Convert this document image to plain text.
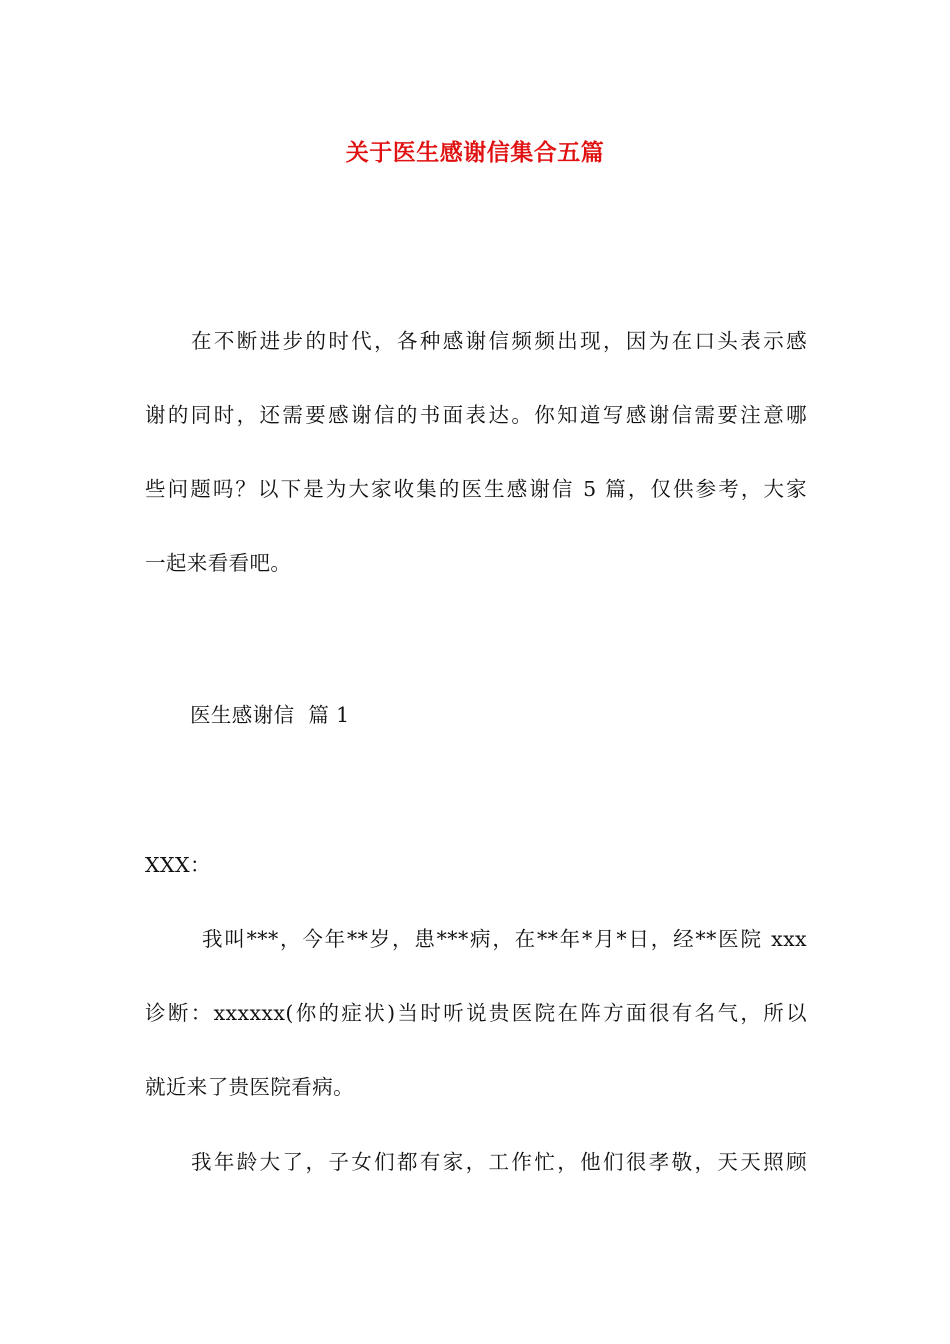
关于医生感谢信集合五篇
在不断进步的时代，各种感谢信频频出现，因为在口头表示感
谢的同时，还需要感谢信的书面表达。你知道写感谢信需要注意哪
些问题吗？以下是为大家收集的医生感谢信 5 篇，仅供参考，大家
一起来看看吧。
医生感谢信  篇 1
XXX：
我叫***，今年**岁，患***病，在**年*月*日，经**医院 xxx
诊断：xxxxxx(你的症状)当时听说贵医院在阵方面很有名气，所以
就近来了贵医院看病。
我年龄大了，子女们都有家，工作忙，他们很孝敬，天天照顾
